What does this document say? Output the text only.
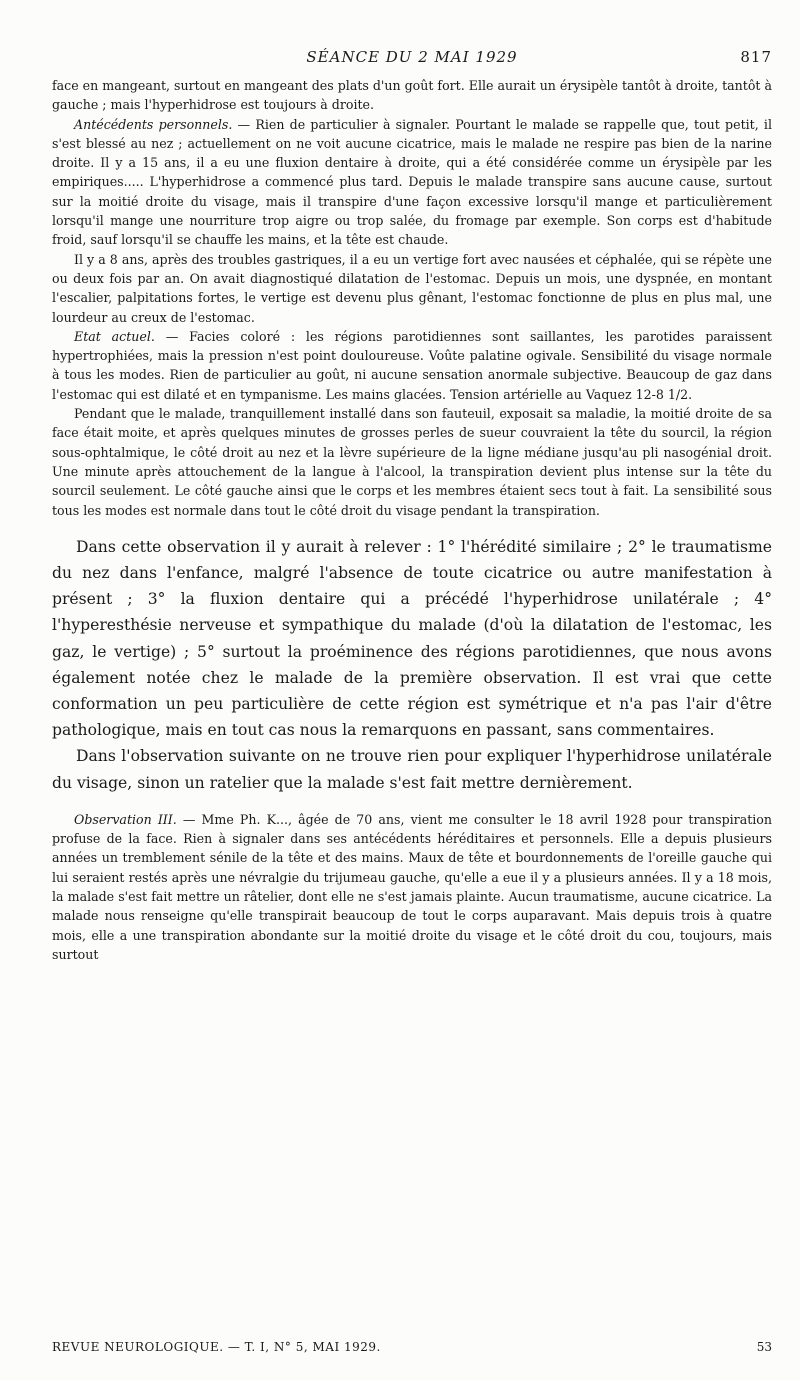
SÉANCE DU 2 MAI 1929	817

face en mangeant, surtout en mangeant des plats d'un goût fort. Elle aurait un érysipèle tantôt à droite, tantôt à gauche ; mais l'hyperhidrose est toujours à droite.

Antécédents personnels. — Rien de particulier à signaler. Pourtant le malade se rappelle que, tout petit, il s'est blessé au nez ; actuellement on ne voit aucune cicatrice, mais le malade ne respire pas bien de la narine droite. Il y a 15 ans, il a eu une fluxion dentaire à droite, qui a été considérée comme un érysipèle par les empiriques..... L'hyperhidrose a commencé plus tard. Depuis le malade transpire sans aucune cause, surtout sur la moitié droite du visage, mais il transpire d'une façon excessive lorsqu'il mange et particulièrement lorsqu'il mange une nourriture trop aigre ou trop salée, du fromage par exemple. Son corps est d'habitude froid, sauf lorsqu'il se chauffe les mains, et la tête est chaude.

Il y a 8 ans, après des troubles gastriques, il a eu un vertige fort avec nausées et céphalée, qui se répète une ou deux fois par an. On avait diagnostiqué dilatation de l'estomac. Depuis un mois, une dyspnée, en montant l'escalier, palpitations fortes, le vertige est devenu plus gênant, l'estomac fonctionne de plus en plus mal, une lourdeur au creux de l'estomac.

Etat actuel. — Facies coloré : les régions parotidiennes sont saillantes, les parotides paraissent hypertrophiées, mais la pression n'est point douloureuse. Voûte palatine ogivale. Sensibilité du visage normale à tous les modes. Rien de particulier au goût, ni aucune sensation anormale subjective. Beaucoup de gaz dans l'estomac qui est dilaté et en tympanisme. Les mains glacées. Tension artérielle au Vaquez 12-8 1/2.

Pendant que le malade, tranquillement installé dans son fauteuil, exposait sa maladie, la moitié droite de sa face était moite, et après quelques minutes de grosses perles de sueur couvraient la tête du sourcil, la région sous-ophtalmique, le côté droit au nez et la lèvre supérieure de la ligne médiane jusqu'au pli nasogénial droit. Une minute après attouchement de la langue à l'alcool, la transpiration devient plus intense sur la tête du sourcil seulement. Le côté gauche ainsi que le corps et les membres étaient secs tout à fait. La sensibilité sous tous les modes est normale dans tout le côté droit du visage pendant la transpiration.

Dans cette observation il y aurait à relever : 1° l'hérédité similaire ; 2° le traumatisme du nez dans l'enfance, malgré l'absence de toute cicatrice ou autre manifestation à présent ; 3° la fluxion dentaire qui a précédé l'hyperhidrose unilatérale ; 4° l'hyperesthésie nerveuse et sympathique du malade (d'où la dilatation de l'estomac, les gaz, le vertige) ; 5° surtout la proéminence des régions parotidiennes, que nous avons également notée chez le malade de la première observation. Il est vrai que cette conformation un peu particulière de cette région est symétrique et n'a pas l'air d'être pathologique, mais en tout cas nous la remarquons en passant, sans commentaires.

Dans l'observation suivante on ne trouve rien pour expliquer l'hyperhidrose unilatérale du visage, sinon un ratelier que la malade s'est fait mettre dernièrement.

Observation III. — Mme Ph. K..., âgée de 70 ans, vient me consulter le 18 avril 1928 pour transpiration profuse de la face. Rien à signaler dans ses antécédents héréditaires et personnels. Elle a depuis plusieurs années un tremblement sénile de la tête et des mains. Maux de tête et bourdonnements de l'oreille gauche qui lui seraient restés après une névralgie du trijumeau gauche, qu'elle a eue il y a plusieurs années. Il y a 18 mois, la malade s'est fait mettre un râtelier, dont elle ne s'est jamais plainte. Aucun traumatisme, aucune cicatrice. La malade nous renseigne qu'elle transpirait beaucoup de tout le corps auparavant. Mais depuis trois à quatre mois, elle a une transpiration abondante sur la moitié droite du visage et le côté droit du cou, toujours, mais surtout

REVUE NEUROLOGIQUE. — T. I, N° 5, MAI 1929.	53
